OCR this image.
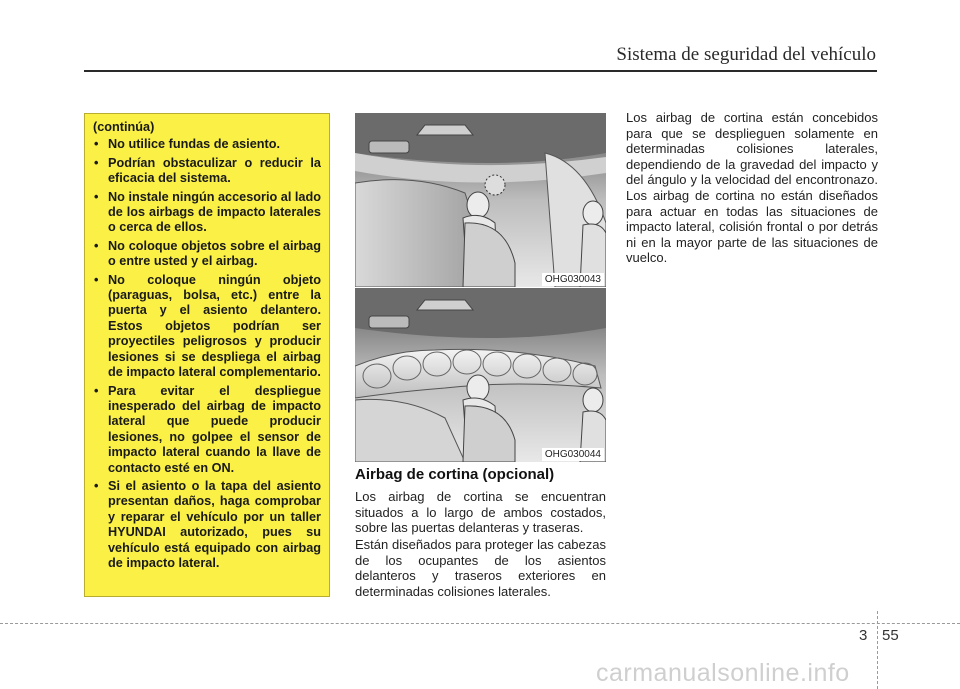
Sistema de seguridad del vehículo
(continúa)
• No utilice fundas de asiento.
• Podrían obstaculizar o reducir la eficacia del sistema.
• No instale ningún accesorio al lado de los airbags de impacto laterales o cerca de ellos.
• No coloque objetos sobre el airbag o entre usted y el airbag.
• No coloque ningún objeto (paraguas, bolsa, etc.) entre la puerta y el asiento delantero. Estos objetos podrían ser proyectiles peligrosos y producir lesiones si se despliega el airbag de impacto lateral complementario.
• Para evitar el despliegue inesperado del airbag de impacto lateral que puede producir lesiones, no golpee el sensor de impacto lateral cuando la llave de contacto esté en ON.
• Si el asiento o la tapa del asiento presentan daños, haga comprobar y reparar el vehículo por un taller HYUNDAI autorizado, pues su vehículo está equipado con airbag de impacto lateral.
OHG030043
OHG030044
Airbag de cortina (opcional)
Los airbag de cortina se encuentran situados a lo largo de ambos costados, sobre las puertas delanteras y traseras.
Están diseñados para proteger las cabezas de los ocupantes de los asientos delanteros y traseros exteriores en determinadas colisiones laterales.
Los airbag de cortina están concebidos para que se desplieguen solamente en determinadas colisiones laterales, dependiendo de la gravedad del impacto y del ángulo y la velocidad del encontronazo. Los airbag de cortina no están diseñados para actuar en todas las situaciones de impacto lateral, colisión frontal o por detrás ni en la mayor parte de las situaciones de vuelco.
3 55
carmanualsonline.info
